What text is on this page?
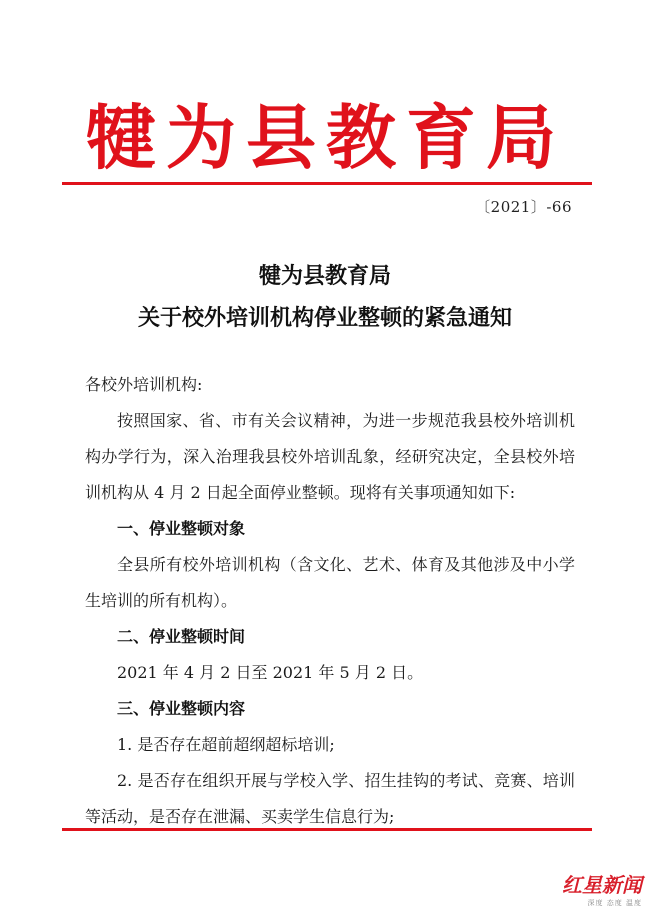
犍为县教育局
〔2021〕-66
犍为县教育局
关于校外培训机构停业整顿的紧急通知

各校外培训机构:

按照国家、省、市有关会议精神，为进一步规范我县校外培训机构办学行为，深入治理我县校外培训乱象，经研究决定，全县校外培训机构从 4 月 2 日起全面停业整顿。现将有关事项通知如下:

一、停业整顿对象

全县所有校外培训机构（含文化、艺术、体育及其他涉及中小学生培训的所有机构）。

二、停业整顿时间

2021 年 4 月 2 日至 2021 年 5 月 2 日。

三、停业整顿内容

1. 是否存在超前超纲超标培训;

2. 是否存在组织开展与学校入学、招生挂钩的考试、竞赛、培训等活动，是否存在泄漏、买卖学生信息行为;

红星新闻
深度 态度 温度
